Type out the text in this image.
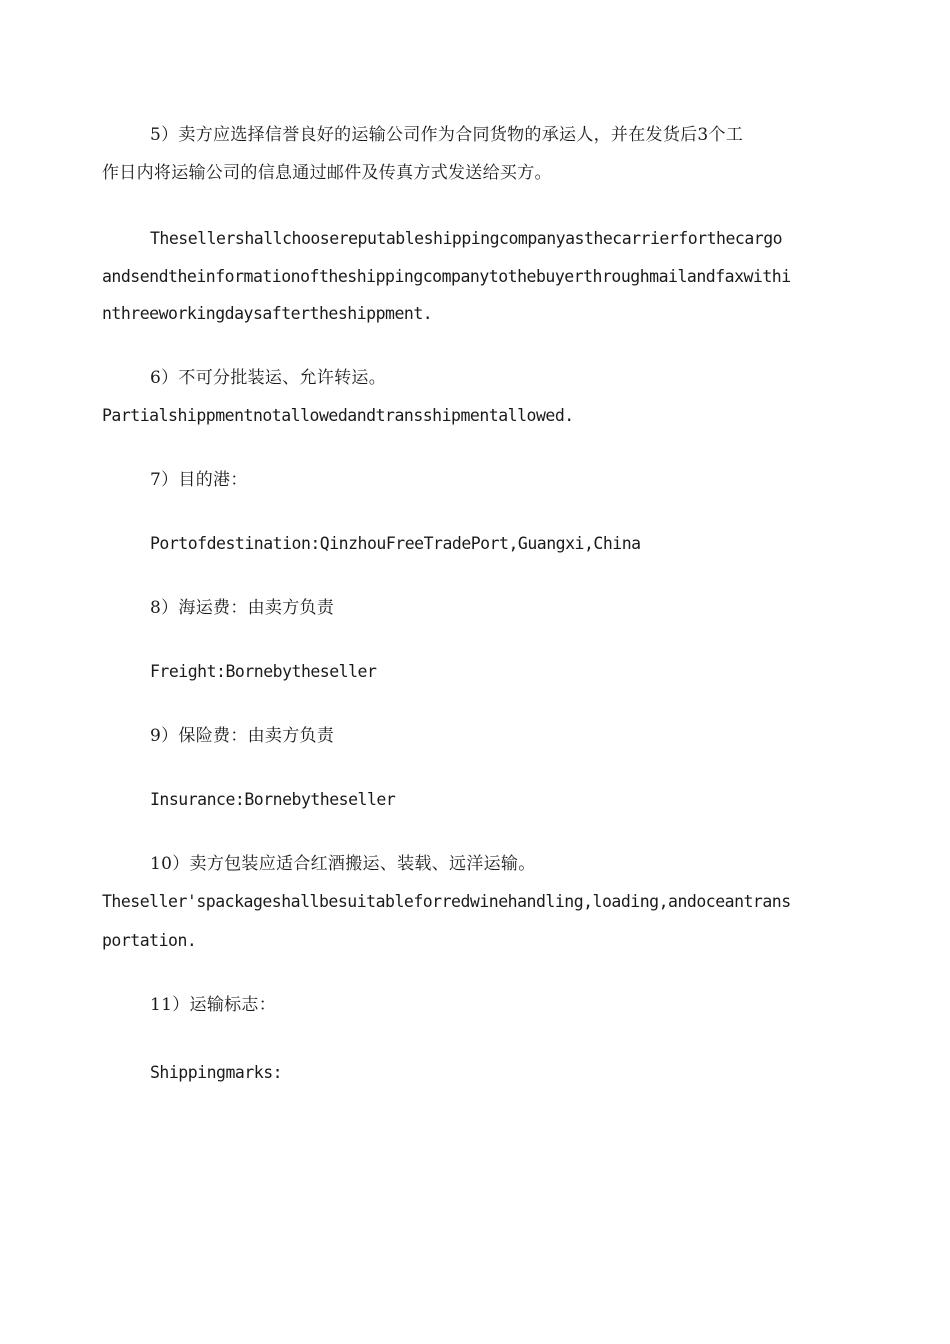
5）卖方应选择信誉良好的运输公司作为合同货物的承运人，并在发货后3个工
作日内将运输公司的信息通过邮件及传真方式发送给买方。
Thesellershallchoosereputableshippingcompanyasthecarrierforthecargo
andsendtheinformationoftheshippingcompanytothebuyerthroughmailandfaxwithi
nthreeworkingdaysaftertheshippment.
6）不可分批装运、允许转运。
Partialshippmentnotallowedandtransshipmentallowed.
7）目的港：
Portofdestination:QinzhouFreeTradePort,Guangxi,China
8）海运费：由卖方负责
Freight:Bornebytheseller
9）保险费：由卖方负责
Insurance:Bornebytheseller
10）卖方包装应适合红酒搬运、装载、远洋运输。
Theseller'spackageshallbesuitableforredwinehandling,loading,andoceantrans
portation.
11）运输标志：
Shippingmarks:
